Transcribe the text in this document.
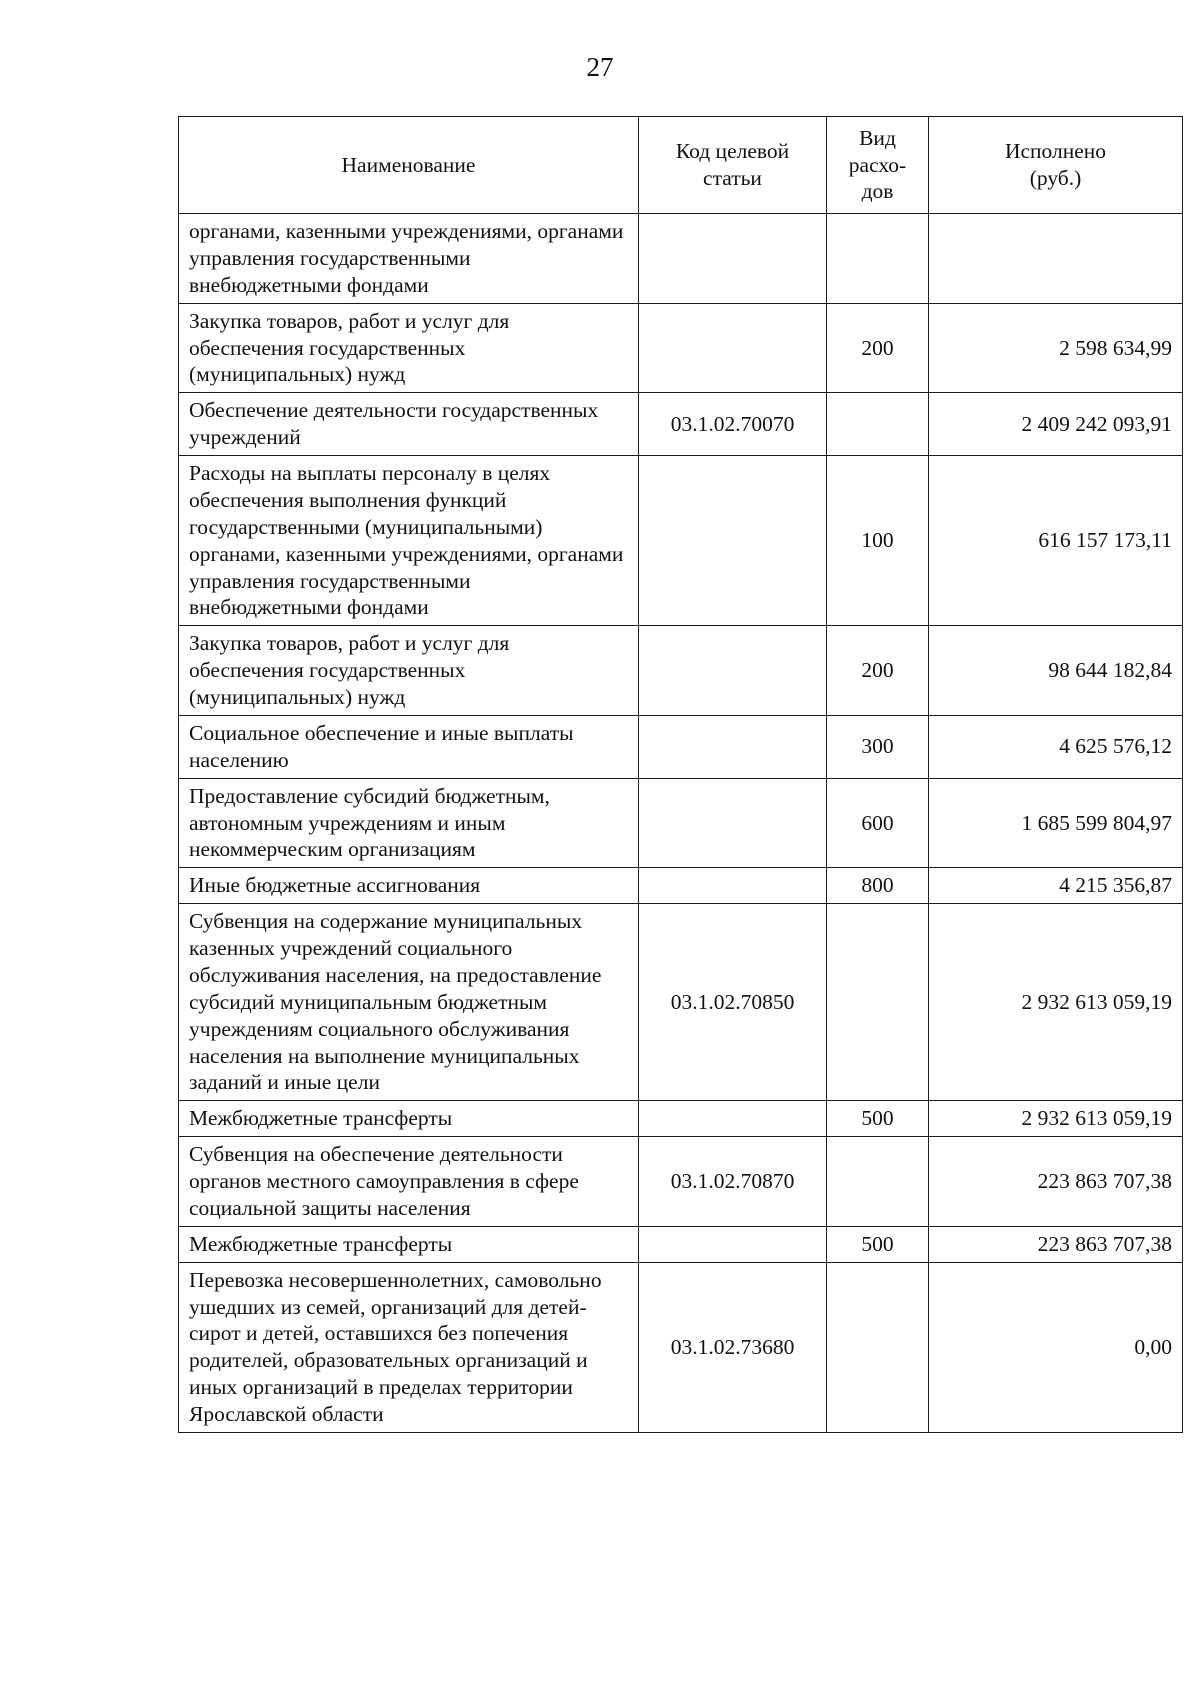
27
Наименование	Код целевой статьи	Вид расхо-дов	Исполнено (руб.)
органами, казенными учреждениями, органами управления государственными внебюджетными фондами			
Закупка товаров, работ и услуг для обеспечения государственных (муниципальных) нужд		200	2 598 634,99
Обеспечение деятельности государственных учреждений	03.1.02.70070		2 409 242 093,91
Расходы на выплаты персоналу в целях обеспечения выполнения функций государственными (муниципальными) органами, казенными учреждениями, органами управления государственными внебюджетными фондами		100	616 157 173,11
Закупка товаров, работ и услуг для обеспечения государственных (муниципальных) нужд		200	98 644 182,84
Социальное обеспечение и иные выплаты населению		300	4 625 576,12
Предоставление субсидий бюджетным, автономным учреждениям и иным некоммерческим организациям		600	1 685 599 804,97
Иные бюджетные ассигнования		800	4 215 356,87
Субвенция на содержание муниципальных казенных учреждений социального обслуживания населения, на предоставление субсидий муниципальным бюджетным учреждениям социального обслуживания населения на выполнение муниципальных заданий и иные цели	03.1.02.70850		2 932 613 059,19
Межбюджетные трансферты		500	2 932 613 059,19
Субвенция на обеспечение деятельности органов местного самоуправления в сфере социальной защиты населения	03.1.02.70870		223 863 707,38
Межбюджетные трансферты		500	223 863 707,38
Перевозка несовершеннолетних, самовольно ушедших из семей, организаций для детей-сирот и детей, оставшихся без попечения родителей, образовательных организаций и иных организаций в пределах территории Ярославской области	03.1.02.73680		0,00
